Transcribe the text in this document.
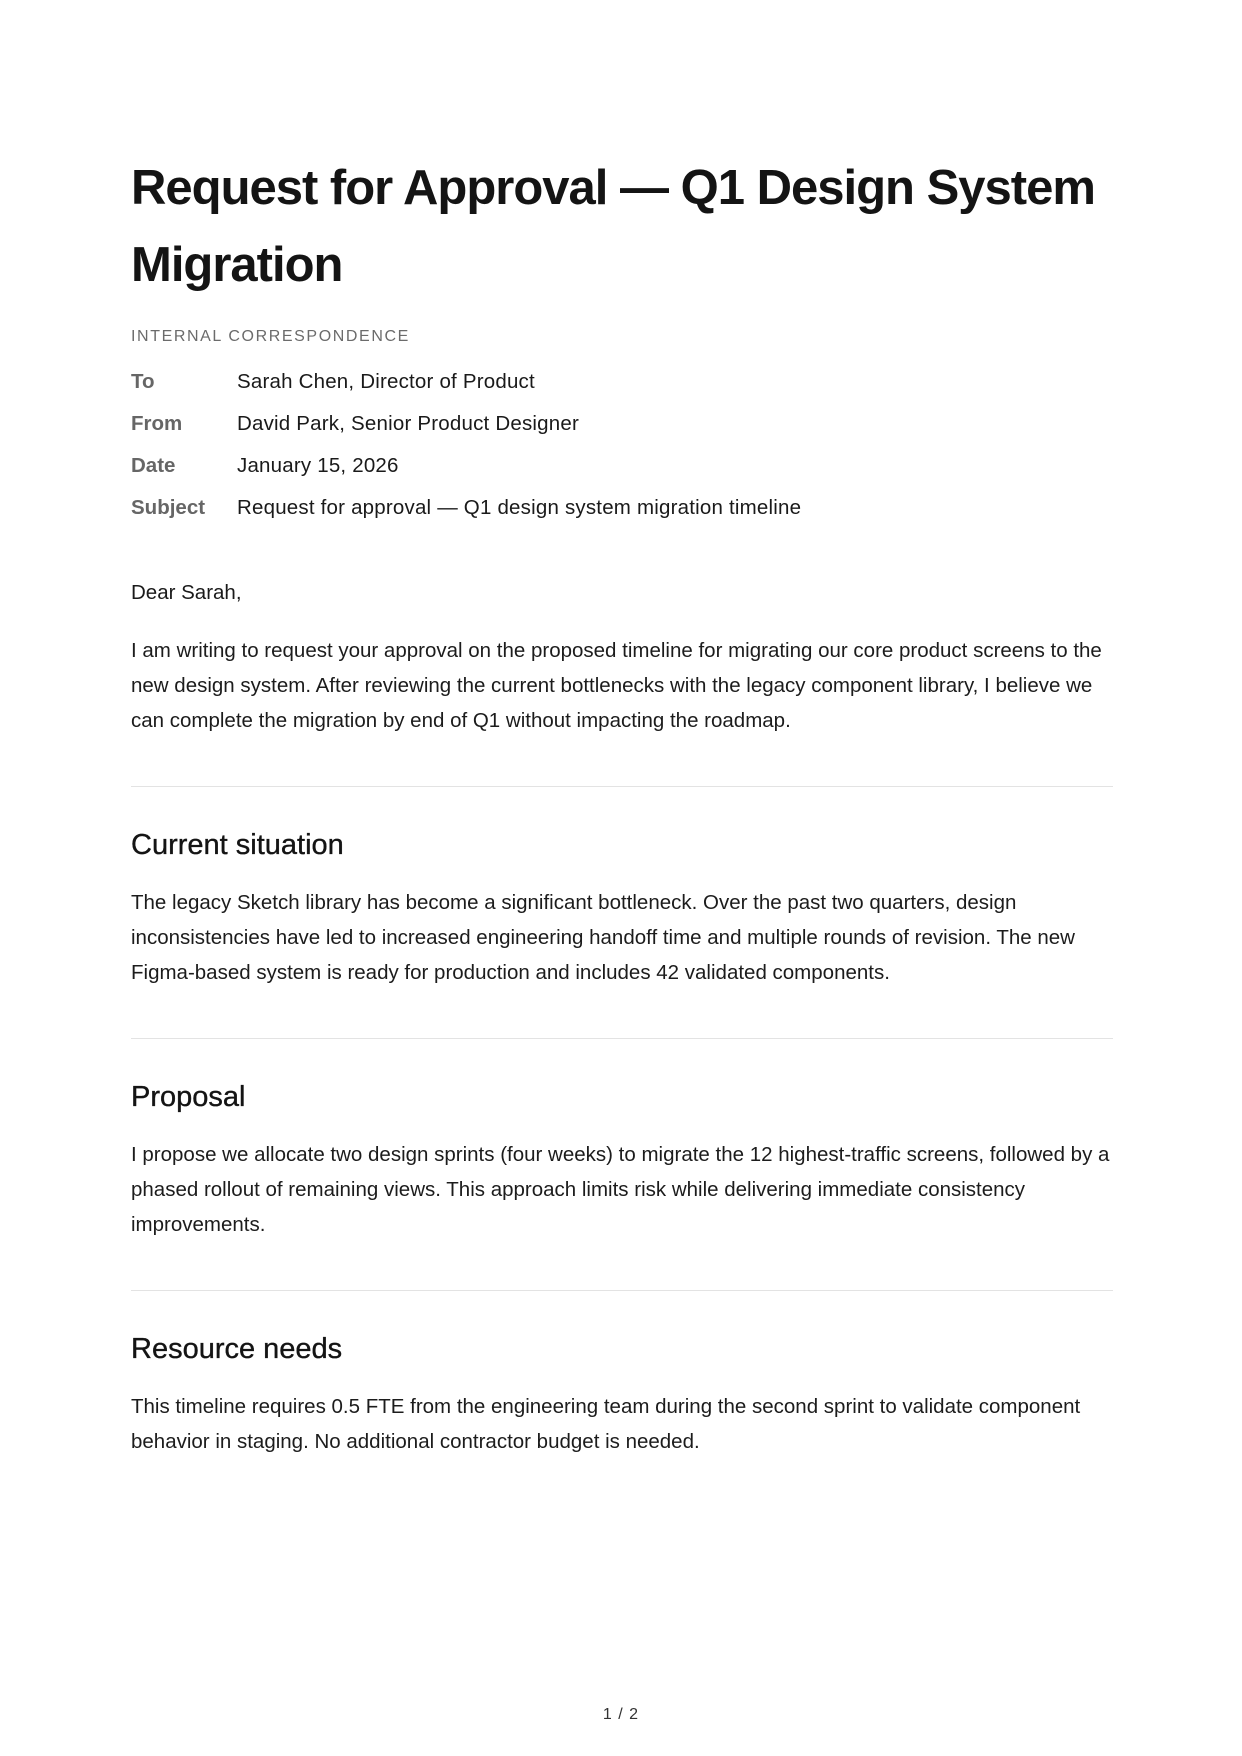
Request for Approval — Q1 Design System Migration
INTERNAL CORRESPONDENCE
To	Sarah Chen, Director of Product
From	David Park, Senior Product Designer
Date	January 15, 2026
Subject	Request for approval — Q1 design system migration timeline
Dear Sarah,

I am writing to request your approval on the proposed timeline for migrating our core product screens to the new design system. After reviewing the current bottlenecks with the legacy component library, I believe we can complete the migration by end of Q1 without impacting the roadmap.

Current situation

The legacy Sketch library has become a significant bottleneck. Over the past two quarters, design inconsistencies have led to increased engineering handoff time and multiple rounds of revision. The new Figma-based system is ready for production and includes 42 validated components.

Proposal

I propose we allocate two design sprints (four weeks) to migrate the 12 highest-traffic screens, followed by a phased rollout of remaining views. This approach limits risk while delivering immediate consistency improvements.

Resource needs

This timeline requires 0.5 FTE from the engineering team during the second sprint to validate component behavior in staging. No additional contractor budget is needed.

1 / 2
